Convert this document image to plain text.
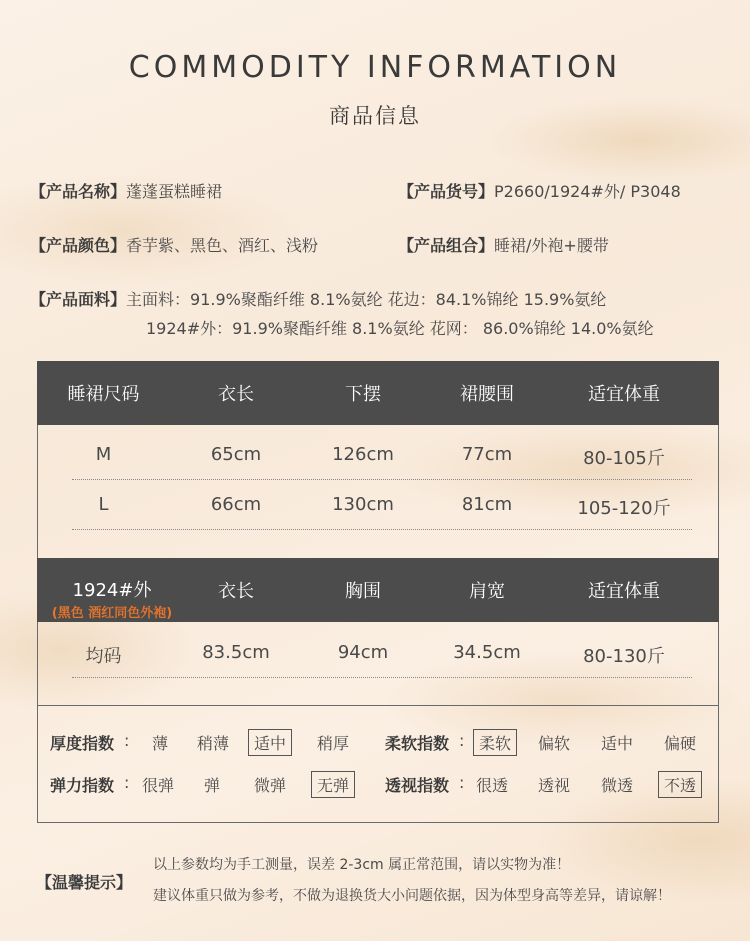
COMMODITY INFORMATION
商品信息
【产品名称】蓬蓬蛋糕睡裙	【产品货号】P2660/1924#外/ P3048
【产品颜色】香芋紫、黑色、酒红、浅粉	【产品组合】睡裙/外袍+腰带
【产品面料】主面料：91.9%聚酯纤维 8.1%氨纶 花边：84.1%锦纶 15.9%氨纶
1924#外：91.9%聚酯纤维 8.1%氨纶 花网： 86.0%锦纶 14.0%氨纶
睡裙尺码	衣长	下摆	裙腰围	适宜体重
M	65cm	126cm	77cm	80-105斤
L	66cm	130cm	81cm	105-120斤
1924#外
(黑色 酒红同色外袍)
衣长	胸围	肩宽	适宜体重
均码	83.5cm	94cm	34.5cm	80-130斤
厚度指数 : 薄 稍薄	适中	稍厚 柔软指数 : 柔软	偏软 适中 偏硬
弹力指数 : 很弹 弹 微弹	无弹	透视指数 : 很透 透视 微透	不透
【温馨提示】
以上参数均为手工测量，误差 2-3cm 属正常范围，请以实物为准！
建议体重只做为参考，不做为退换货大小问题依据，因为体型身高等差异，请谅解！
